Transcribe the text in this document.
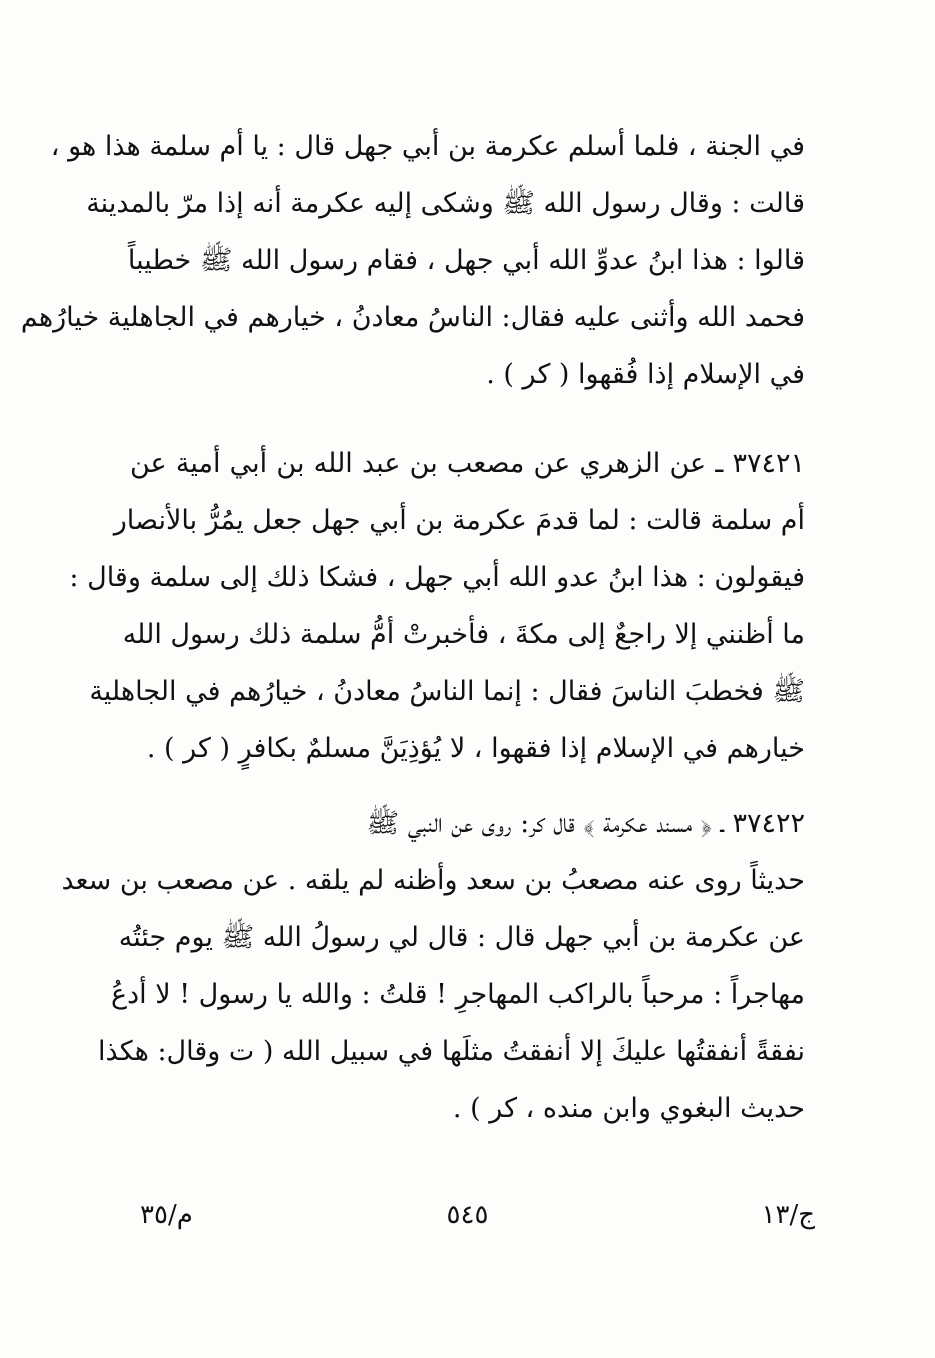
في الجنة ، فلما أسلم عكرمة بن أبي جهل قال : يا أم سلمة هذا هو ،
قالت : وقال رسول الله ﷺ وشكى إليه عكرمة أنه إذا مرّ بالمدينة
قالوا : هذا ابنُ عدوِّ الله أبي جهل ، فقام رسول الله ﷺ خطيباً
فحمد الله وأثنى عليه فقال: الناسُ معادنُ ، خيارهم في الجاهلية خيارُهم
في الإسلام إذا فُقهوا ( كر ) .
٣٧٤٢١ ـ عن الزهري عن مصعب بن عبد الله بن أبي أمية عن
أم سلمة قالت : لما قدمَ عكرمة بن أبي جهل جعل يمُرُّ بالأنصار
فيقولون : هذا ابنُ عدو الله أبي جهل ، فشكا ذلك إلى سلمة وقال :
ما أظنني إلا راجعٌ إلى مكةَ ، فأخبرتْ أمُّ سلمة ذلك رسول الله
ﷺ فخطبَ الناسَ فقال : إنما الناسُ معادنُ ، خيارُهم في الجاهلية
خيارهم في الإسلام إذا فقهوا ، لا يُؤذِيَنَّ مسلمٌ بكافرٍ ( كر ) .
٣٧٤٢٢ ـ ﴿ مسند عكرمة ﴾ قال كر: روى عن النبي ﷺ
حديثاً روى عنه مصعبُ بن سعد وأظنه لم يلقه . عن مصعب بن سعد
عن عكرمة بن أبي جهل قال : قال لي رسولُ الله ﷺ يوم جئتُه
مهاجراً : مرحباً بالراكب المهاجرِ ! قلتُ : والله يا رسول ! لا أدعُ
نفقةً أنفقتُها عليكَ إلا أنفقتُ مثلَها في سبيل الله ( ت وقال: هكذا
حديث البغوي وابن منده ، كر ) .
ج/١٣
٥٤٥
م/٣٥
